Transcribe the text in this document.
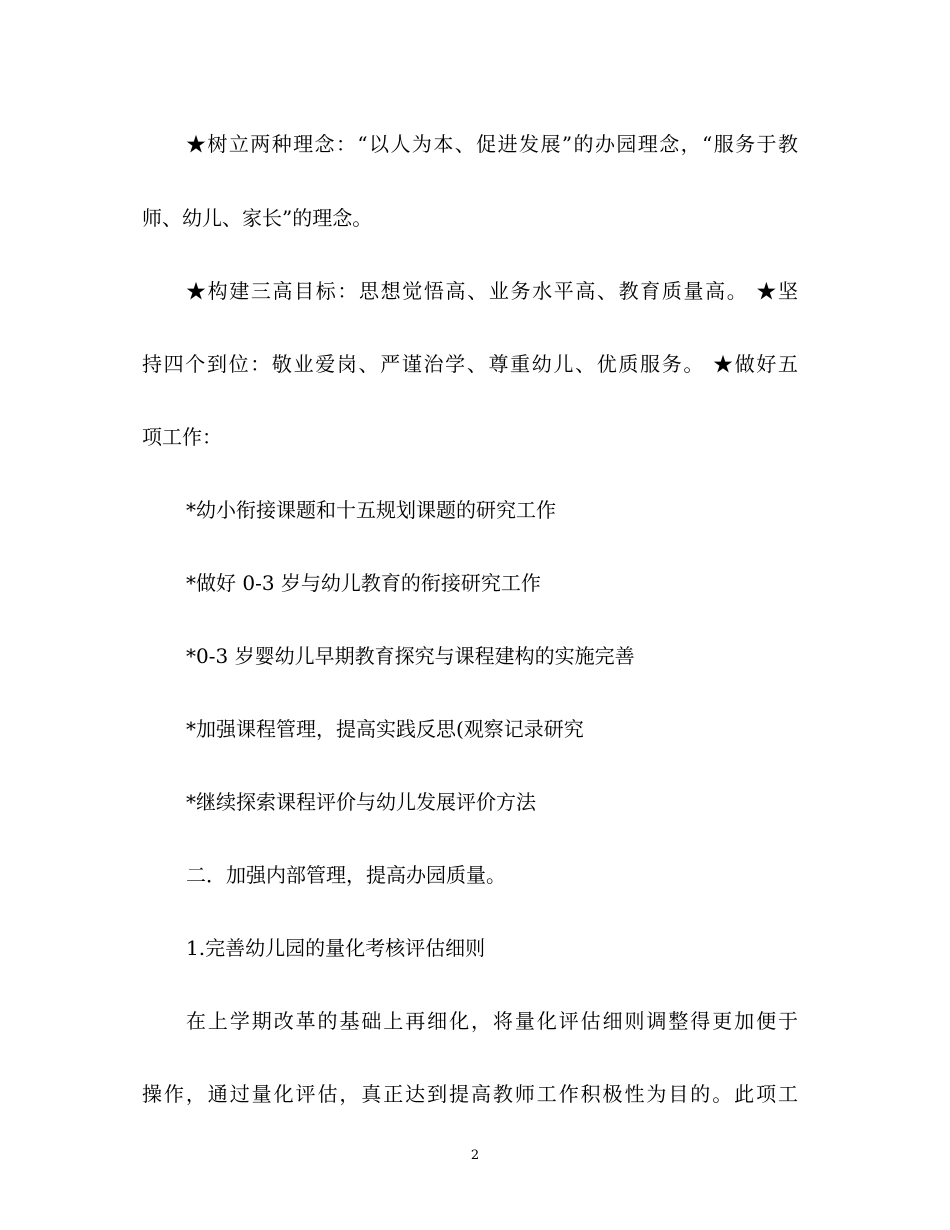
★树立两种理念：“以人为本、促进发展”的办园理念，“服务于教
师、幼儿、家长”的理念。
★构建三高目标：思想觉悟高、业务水平高、教育质量高。 ★坚
持四个到位：敬业爱岗、严谨治学、尊重幼儿、优质服务。 ★做好五
项工作：
*幼小衔接课题和十五规划课题的研究工作
*做好 0-3 岁与幼儿教育的衔接研究工作
*0-3 岁婴幼儿早期教育探究与课程建构的实施完善
*加强课程管理，提高实践反思(观察记录研究
*继续探索课程评价与幼儿发展评价方法
二．加强内部管理，提高办园质量。
1.完善幼儿园的量化考核评估细则
在上学期改革的基础上再细化，将量化评估细则调整得更加便于
操作，通过量化评估，真正达到提高教师工作积极性为目的。此项工
2
